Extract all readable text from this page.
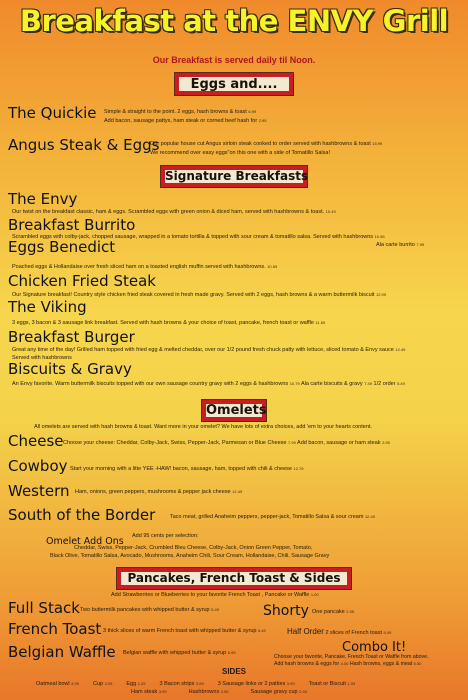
Breakfast at the ENVY Grill
Our Breakfast is served daily til Noon.
Eggs and....
The Quickie Simple & straight to the point. 2 eggs, hash browns & toast 6.99
Add bacon, sausage pattys, ham steak or corned beef hash for 2.95
Angus Steak & Eggs
Our popular house cut Angus sirloin steak cooked to order served with hashbrowns & toast 15.99
We recommend over easy eggs"on this one with a side of Tomatillo Salsa!
Signature Breakfasts
The Envy
Our twist on the breakfast classic, ham & eggs. Scrambled eggs with green onion & diced ham, served with hashbrowns & toast. 10.49
Breakfast Burrito
Scrambled eggs with colby-jack, chopped sausage, wrapped in a tomato tortilla & topped with sour cream & tomatillo salsa. Served with hashbrowns 10.95
Ala carte burrito 7.99
Eggs Benedict
Poached eggs & Hollandaise over fresh sliced ham on a toasted english muffin served with hashbrowns. 10.59
Chicken Fried Steak
Our Signature breakfast! Country style chicken fried steak covered in fresh made gravy. Served with 2 eggs, hash browns & a warm buttermilk biscuit 12.99
The Viking
3 eggs, 3 bacon & 3 sausage link breakfast. Served with hash browns & your choice of toast, pancake, french toast or waffle 11.69
Breakfast Burger
Great any time of the day! Grilled ham topped with fried egg & melted cheddar, over our 1/2 pound fresh chuck patty with lettuce, sliced tomato & Envy sauce 12.49
Served with hashbrowns
Biscuits & Gravy
An Envy favorite. Warm buttermilk biscuits topped with our own sausage country gravy with 2 eggs & hashbrowns 10.79 Ala carte biscuits & gravy 7.49 1/2 order 5.49
Omelets
All omelets are served with hash browns & toast. Want more in your omelet? We have lots of extra choices, add 'em to your hearts content.
Cheese Choose your cheese: Cheddar, Colby-Jack, Swiss, Pepper-Jack, Parmesan or Blue Cheese 7.99 Add bacon, sausage or ham steak 2.95
Cowboy Start your morning with a litte YEE -HAW! bacon, sausage, ham, topped with chili & cheese 12.79
Western Ham, onions, green peppers, mushrooms & pepper jack cheese 12.49
South of the Border	Taco meat, grilled Anaheim peppers, pepper-jack, Tomatillo Salsa & sour cream 12.49
Omelet Add Ons Add 95 cents per selection:
Cheddar, Swiss, Pepper-Jack, Crumbled Bleu Cheese, Colby-Jack, Onion Green Pepper, Tomato,
Black Olive, Tomatillo Salsa, Avocado, Mushrooms, Anaheim Chili, Sour Cream, Hollandaise, Chili, Sausage Gravy
Pancakes, French Toast & Sides
Add Strawberries or Blueberries to your favorite French Toast , Pancake or Waffle 1.00
Full Stack Two buttermilk pancakes with whipped butter & syrup 5.49	Shorty One pancake 2.95
French Toast 3 thick slices of warm French toast with whipped butter & syrup 6.49	Half Order 2 slices of French toast 5.09
Belgian Waffle Belgian waffle with whipped butter & syrup 5.95	Combo It!
Choose your favorite, Pancake, French Toast or Waffle from above.
Add hash browns & eggs for 4.00 Hash browns, eggs & meat 6.50
SIDES
Oatmeal bowl 4.99	Cup 3.99	Egg 1.25	3 Bacon strips 3.99	3 Sausage links or 2 patties 3.99	Toast or Biscuit 1.99
Ham steak 3.99	Hashbrowns 2.59	Sausage gravy cup 2.49
